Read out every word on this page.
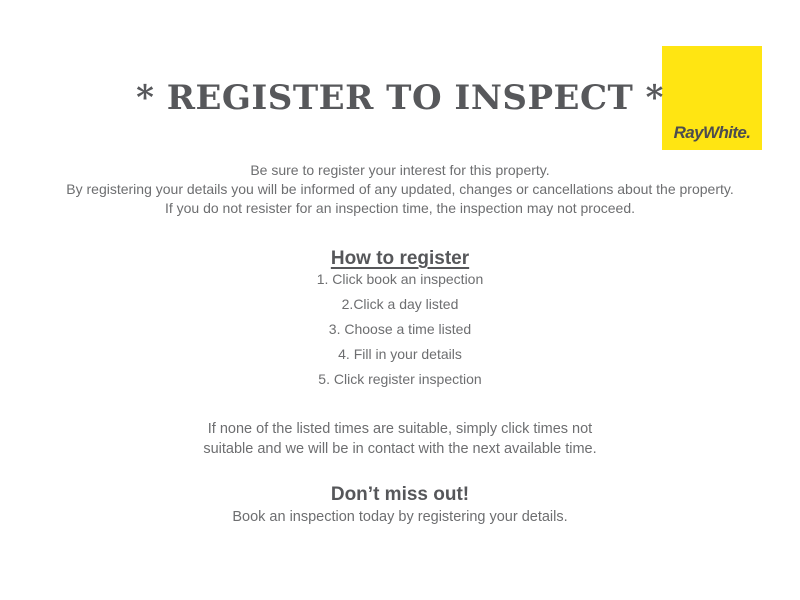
RayWhite.
* REGISTER TO INSPECT *
Be sure to register your interest for this property.
By registering your details you will be informed of any updated, changes or cancellations about the property.
If you do not resister for an inspection time, the inspection may not proceed.
How to register
1. Click book an inspection
2.Click a day listed
3. Choose a time listed
4. Fill in your details
5. Click register inspection
If none of the listed times are suitable, simply click times not
suitable and we will be in contact with the next available time.
Don’t miss out!
Book an inspection today by registering your details.
